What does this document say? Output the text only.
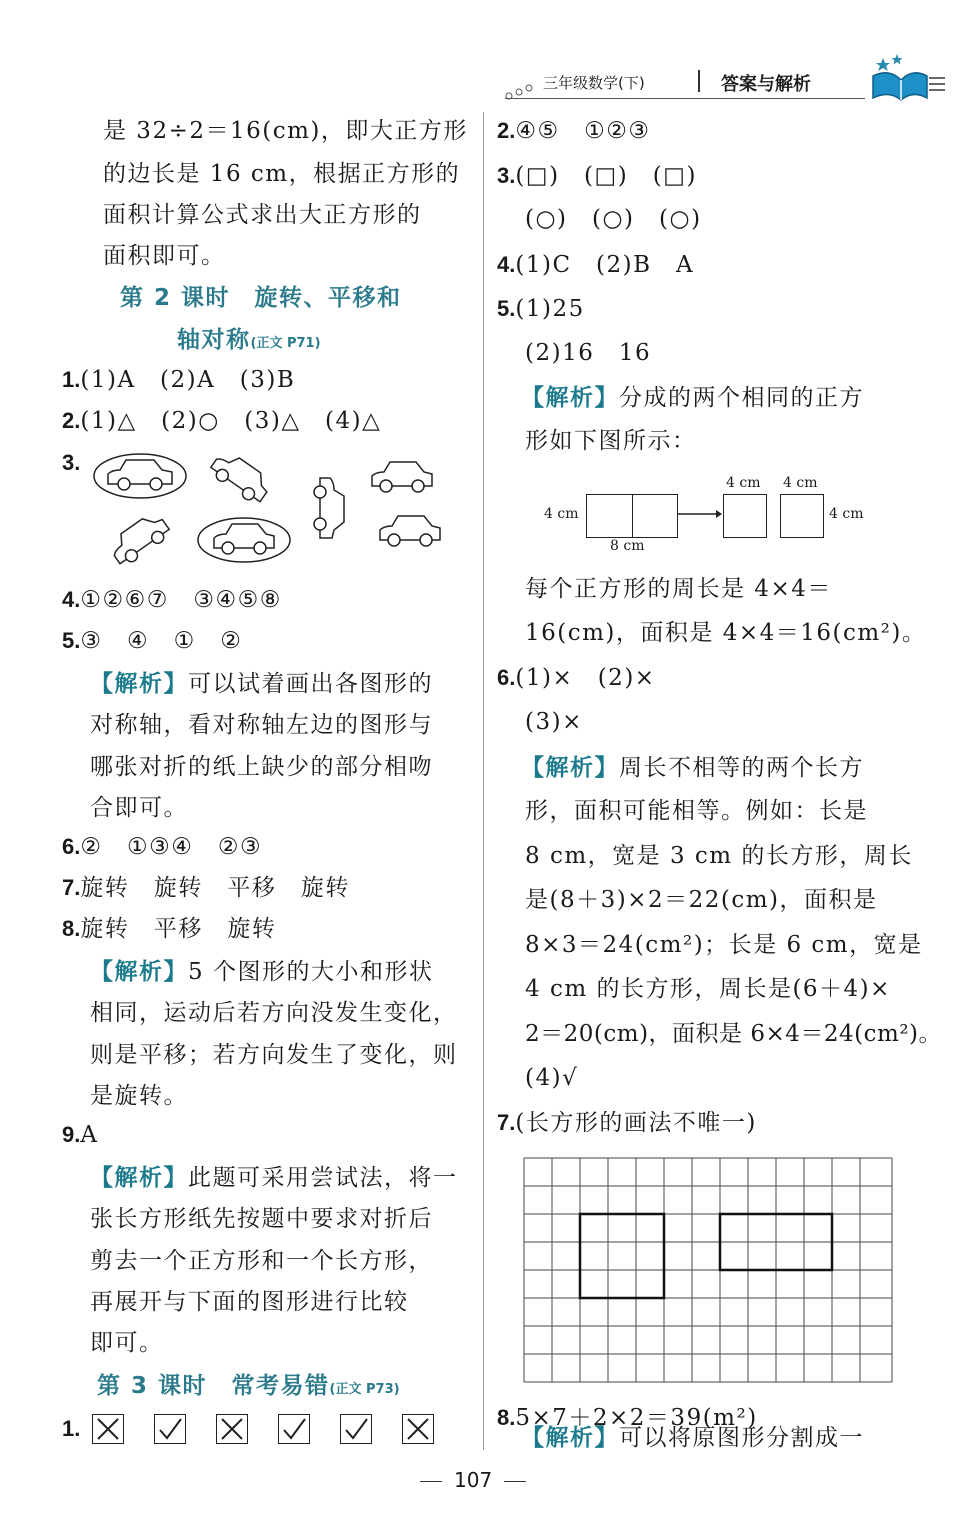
三年级数学(下)	答案与解析
是 32÷2＝16(cm)，即大正方形
的边长是 16 cm，根据正方形的
面积计算公式求出大正方形的
面积即可。
第 2 课时　旋转、平移和
轴对称(正文 P71)
1.(1)A　(2)A　(3)B
2.(1)△　(2)○　(3)△　(4)△
3.
4.①②⑥⑦　③④⑤⑧
5.③　④　①　②
【解析】可以试着画出各图形的
对称轴，看对称轴左边的图形与
哪张对折的纸上缺少的部分相吻
合即可。
6.②　①③④　②③
7.旋转　旋转　平移　旋转
8.旋转　平移　旋转
【解析】5 个图形的大小和形状
相同，运动后若方向没发生变化，
则是平移；若方向发生了变化，则
是旋转。
9.A
【解析】此题可采用尝试法，将一
张长方形纸先按题中要求对折后
剪去一个正方形和一个长方形，
再展开与下面的图形进行比较
即可。
第 3 课时　常考易错(正文 P73)
1.
2.④⑤　①②③
3.(□)　 (□)　 (□)
(○)　 (○)　 (○)
4.(1)C　(2)B　A
5.(1)25
(2)16　16
【解析】分成的两个相同的正方
形如下图所示：
4 cm
8 cm
4 cm 4 cm
4 cm
每个正方形的周长是 4×4＝
16(cm)，面积是 4×4＝16(cm²)。
6.(1)×　(2)×
(3)×
【解析】周长不相等的两个长方
形，面积可能相等。例如：长是
8 cm，宽是 3 cm 的长方形，周长
是(8＋3)×2＝22(cm)，面积是
8×3＝24(cm²)；长是 6 cm，宽是
4 cm 的长方形，周长是(6＋4)×
2＝20(cm)，面积是 6×4＝24(cm²)。
(4)√
7.(长方形的画法不唯一)
8.5×7＋2×2＝39(m²)
【解析】可以将原图形分割成一
107
